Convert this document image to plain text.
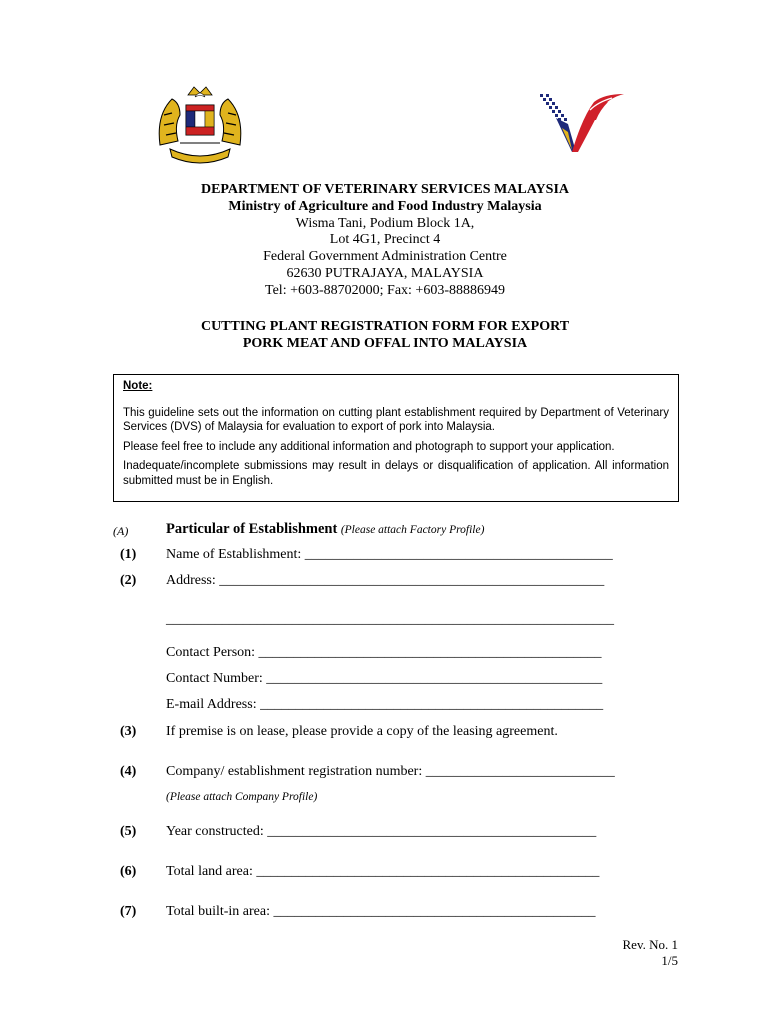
DEPARTMENT OF VETERINARY SERVICES MALAYSIA
Ministry of Agriculture and Food Industry Malaysia
Wisma Tani, Podium Block 1A,
Lot 4G1, Precinct 4
Federal Government Administration Centre
62630 PUTRAJAYA, MALAYSIA
Tel: +603-88702000; Fax: +603-88886949
CUTTING PLANT REGISTRATION FORM FOR EXPORT
PORK MEAT AND OFFAL INTO MALAYSIA
Note:

This guideline sets out the information on cutting plant establishment required by Department of Veterinary Services (DVS) of Malaysia for evaluation to export of pork into Malaysia.

Please feel free to include any additional information and photograph to support your application.

Inadequate/incomplete submissions may result in delays or disqualification of application. All information submitted must be in English.

(A)	Particular of Establishment (Please attach Factory Profile)
(1) Name of Establishment: ____________________________________________
(2) Address: _______________________________________________________
________________________________________________________________
Contact Person: _________________________________________________
Contact Number: ________________________________________________
E-mail Address: _________________________________________________
(3) If premise is on lease, please provide a copy of the leasing agreement.
(4) Company/ establishment registration number: ___________________________
(Please attach Company Profile)
(5) Year constructed: _______________________________________________
(6) Total land area: _________________________________________________
(7) Total built-in area: ______________________________________________
Rev. No. 1
1/5
